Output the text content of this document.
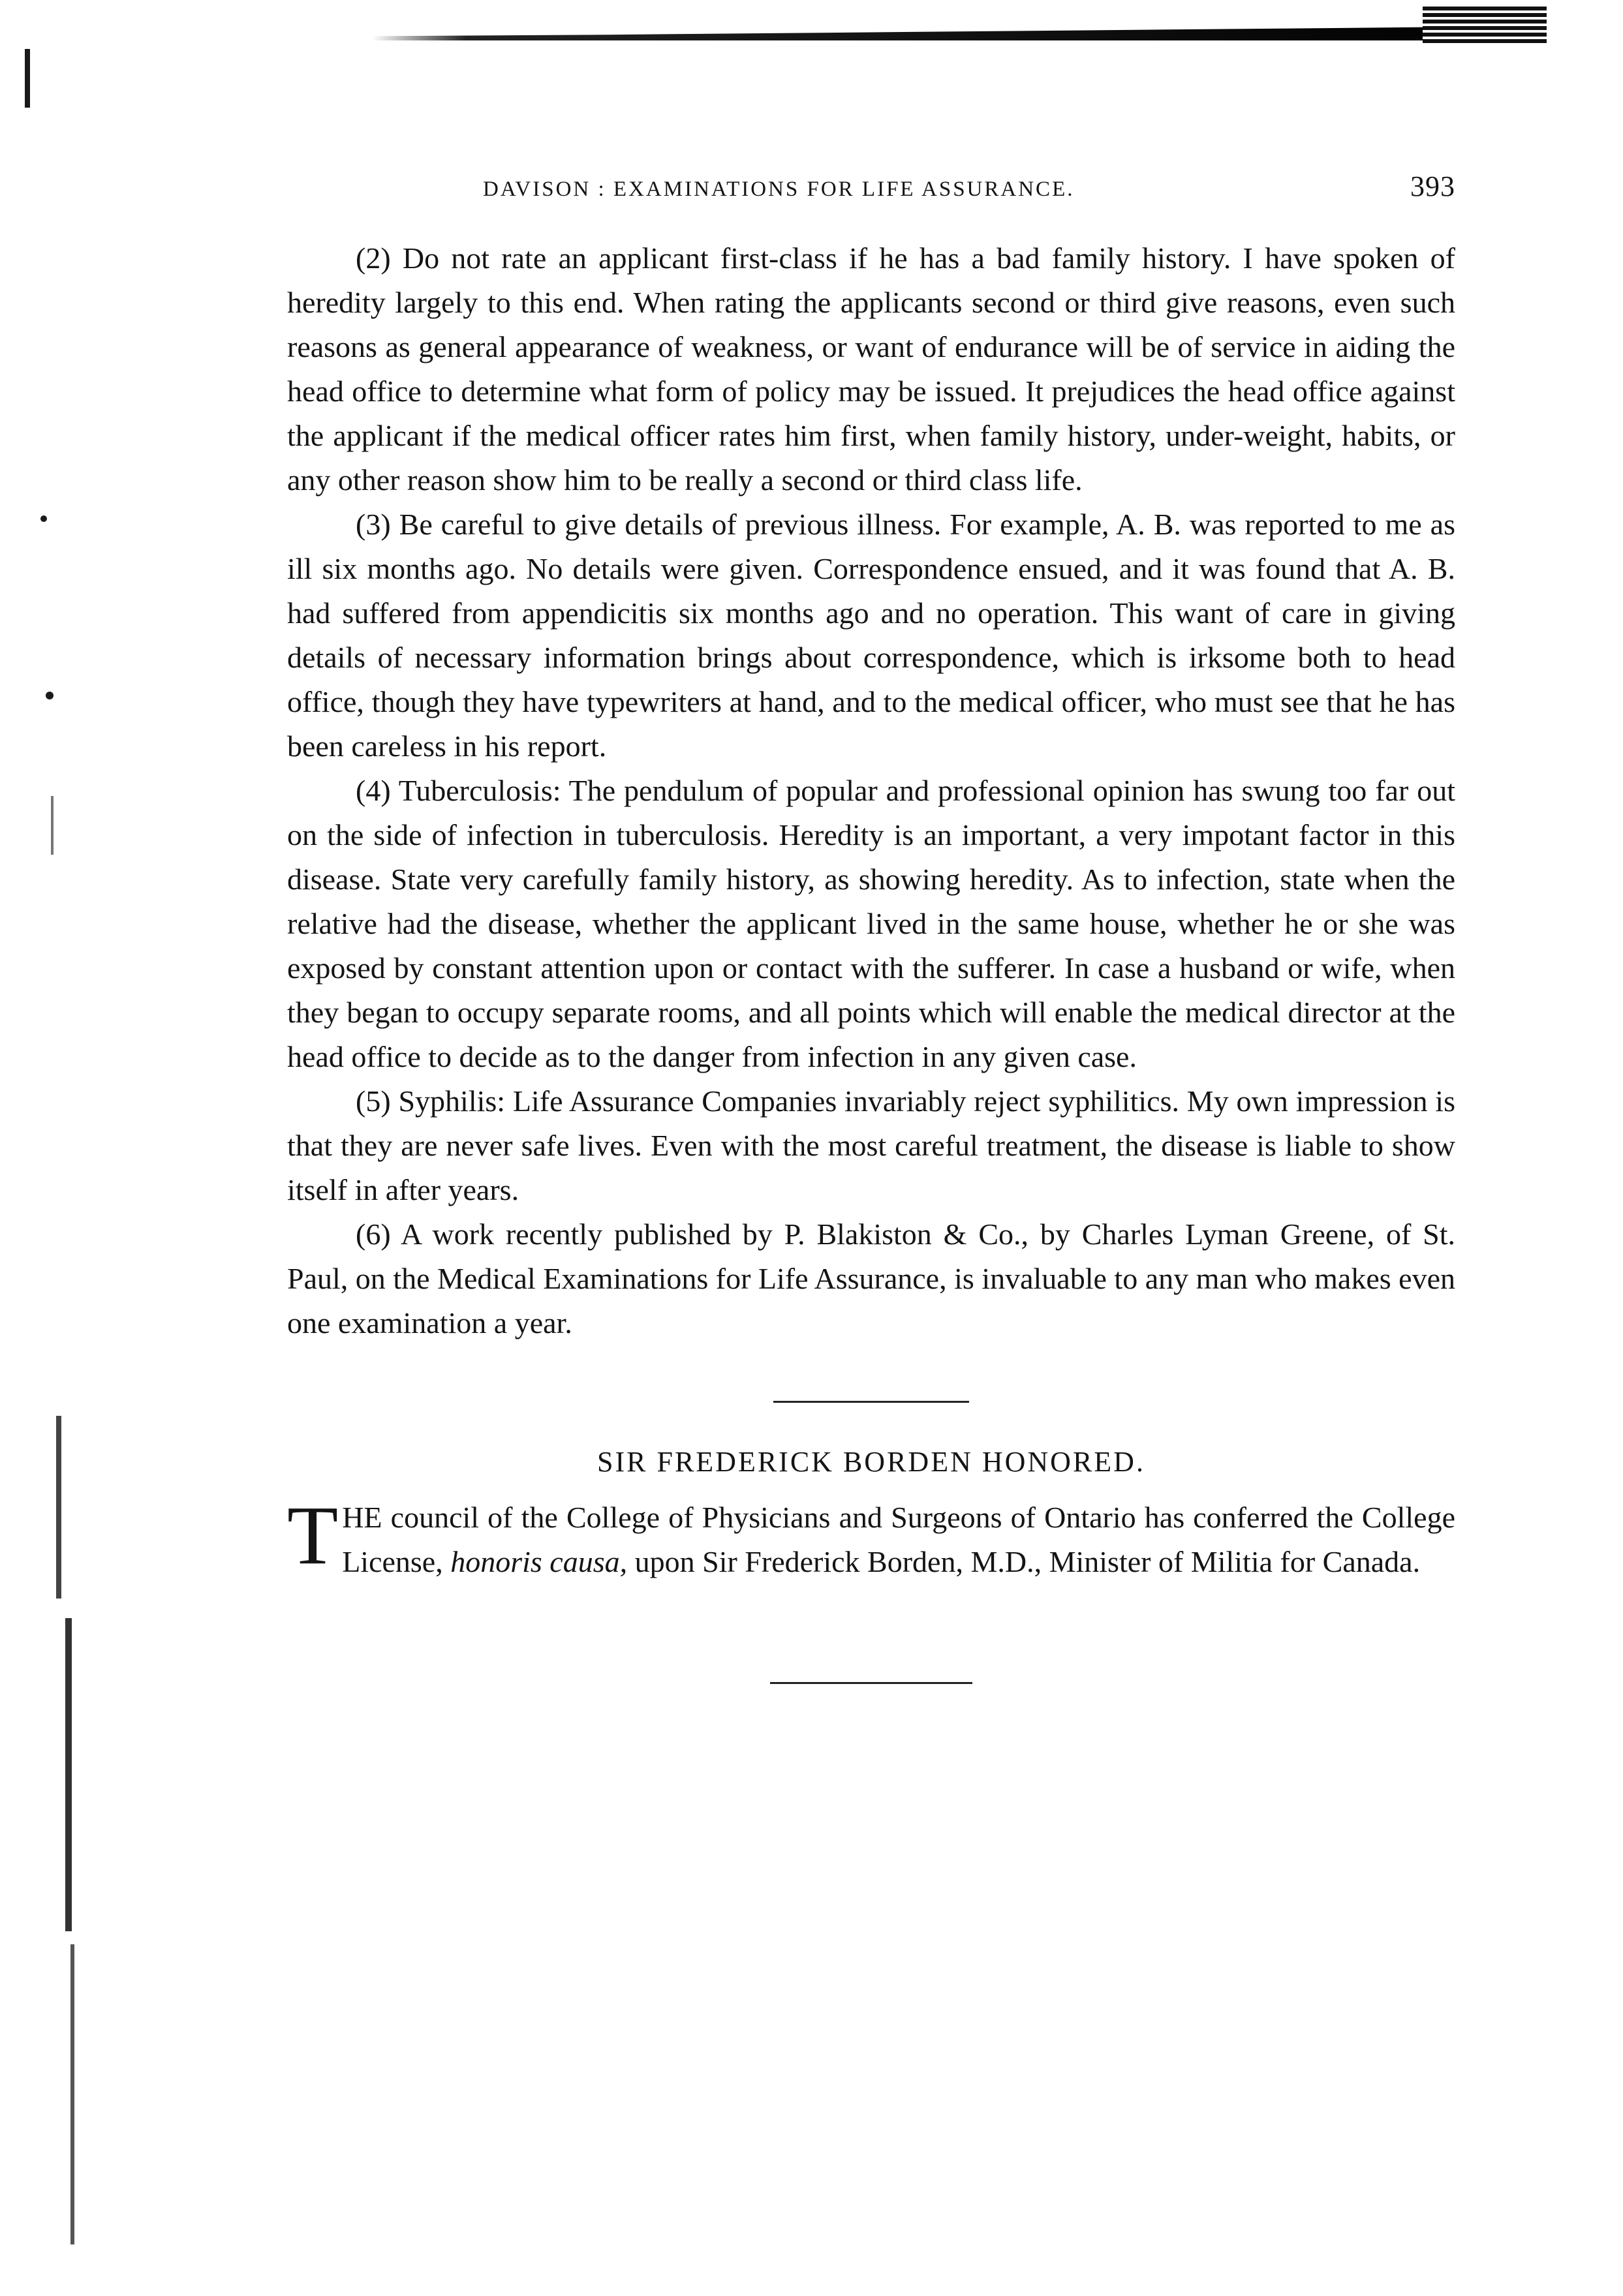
DAVISON : EXAMINATIONS FOR LIFE ASSURANCE.	393

(2) Do not rate an applicant first-class if he has a bad family history. I have spoken of heredity largely to this end. When rating the applicants second or third give reasons, even such reasons as general appearance of weakness, or want of endurance will be of service in aiding the head office to determine what form of policy may be issued. It prejudices the head office against the applicant if the medical officer rates him first, when family history, under-weight, habits, or any other reason show him to be really a second or third class life.

(3) Be careful to give details of previous illness. For example, A. B. was reported to me as ill six months ago. No details were given. Correspondence ensued, and it was found that A. B. had suffered from appendicitis six months ago and no operation. This want of care in giving details of necessary information brings about correspondence, which is irksome both to head office, though they have typewriters at hand, and to the medical officer, who must see that he has been careless in his report.

(4) Tuberculosis: The pendulum of popular and professional opinion has swung too far out on the side of infection in tuberculosis. Heredity is an important, a very impotant factor in this disease. State very carefully family history, as showing heredity. As to infection, state when the relative had the disease, whether the applicant lived in the same house, whether he or she was exposed by constant attention upon or contact with the sufferer. In case a husband or wife, when they began to occupy separate rooms, and all points which will enable the medical director at the head office to decide as to the danger from infection in any given case.

(5) Syphilis: Life Assurance Companies invariably reject syphilitics. My own impression is that they are never safe lives. Even with the most careful treatment, the disease is liable to show itself in after years.

(6) A work recently published by P. Blakiston & Co., by Charles Lyman Greene, of St. Paul, on the Medical Examinations for Life Assurance, is invaluable to any man who makes even one examination a year.

SIR FREDERICK BORDEN HONORED.
THE council of the College of Physicians and Surgeons of Ontario has conferred the College License, honoris causa, upon Sir Frederick Borden, M.D., Minister of Militia for Canada.
